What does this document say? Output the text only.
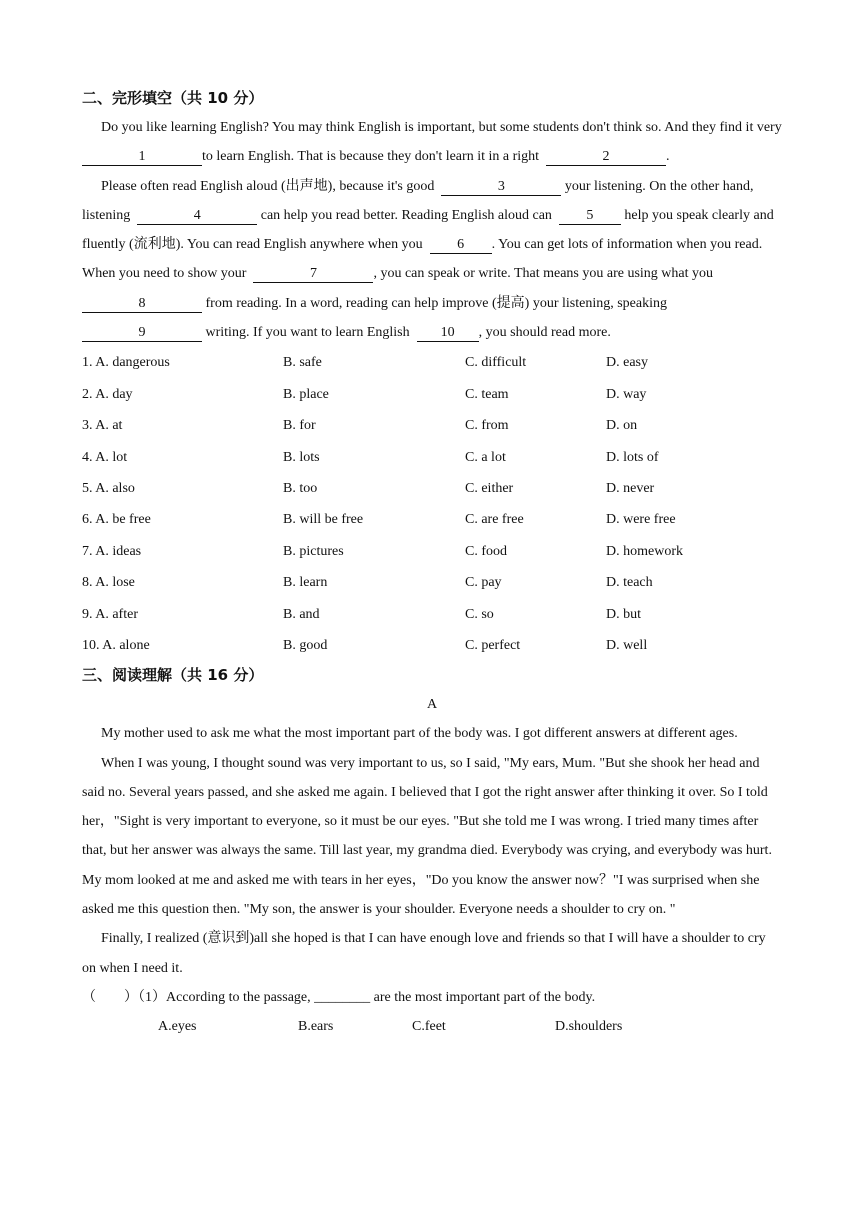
二、完形填空（共 10 分）

Do you like learning English? You may think English is important, but some students don't think so. And they find it very1	to learn English. That is because they don't learn it in a right	2	.

Please often read English aloud (出声地), because it's good	3	your listening. On the other hand, listening	4	can help you read better. Reading English aloud can 5 help you speak clearly and fluently (流利地). You can read English anywhere when you 6 . You can get lots of information when you read. When you need to show your	7	, you can speak or write. That means you are using what you  8	from reading. In a word, reading can help improve (提高) your listening, speaking  9	writing. If you want to learn English 10 , you should read more.

1. A. dangerous	B. safe	C. difficult	D. easy
2. A. day	B. place	C. team	D. way
3. A. at	B. for	C. from	D. on
4. A. lot	B. lots	C. a lot	D. lots of
5. A. also	B. too	C. either	D. never
6. A. be free	B. will be free	C. are free	D. were free
7. A. ideas	B. pictures	C. food	D. homework
8. A. lose	B. learn	C. pay	D. teach
9. A. after	B. and	C. so	D. but
10. A. alone	B. good	C. perfect	D. well
三、阅读理解（共 16 分）
A

My mother used to ask me what the most important part of the body was. I got different answers at different ages.

When I was young, I thought sound was very important to us, so I said, "My ears, Mum. "But she shook her head and said no. Several years passed, and she asked me again. I believed that I got the right answer after thinking it over. So I told her，"Sight is very important to everyone, so it must be our eyes. "But she told me I was wrong. I tried many times after that, but her answer was always the same. Till last year, my grandma died. Everybody was crying, and everybody was hurt. My mom looked at me and asked me with tears in her eyes，"Do you know the answer now？"I was surprised when she asked me this question then. "My son, the answer is your shoulder. Everyone needs a shoulder to cry on. "

Finally, I realized (意识到)all she hoped is that I can have enough love and friends so that I will have a shoulder to cry on when I need it.

（　　）（1）According to the passage, ________ are the most important part of the body.
A.eyes	B.ears	C.feet	D.shoulders
